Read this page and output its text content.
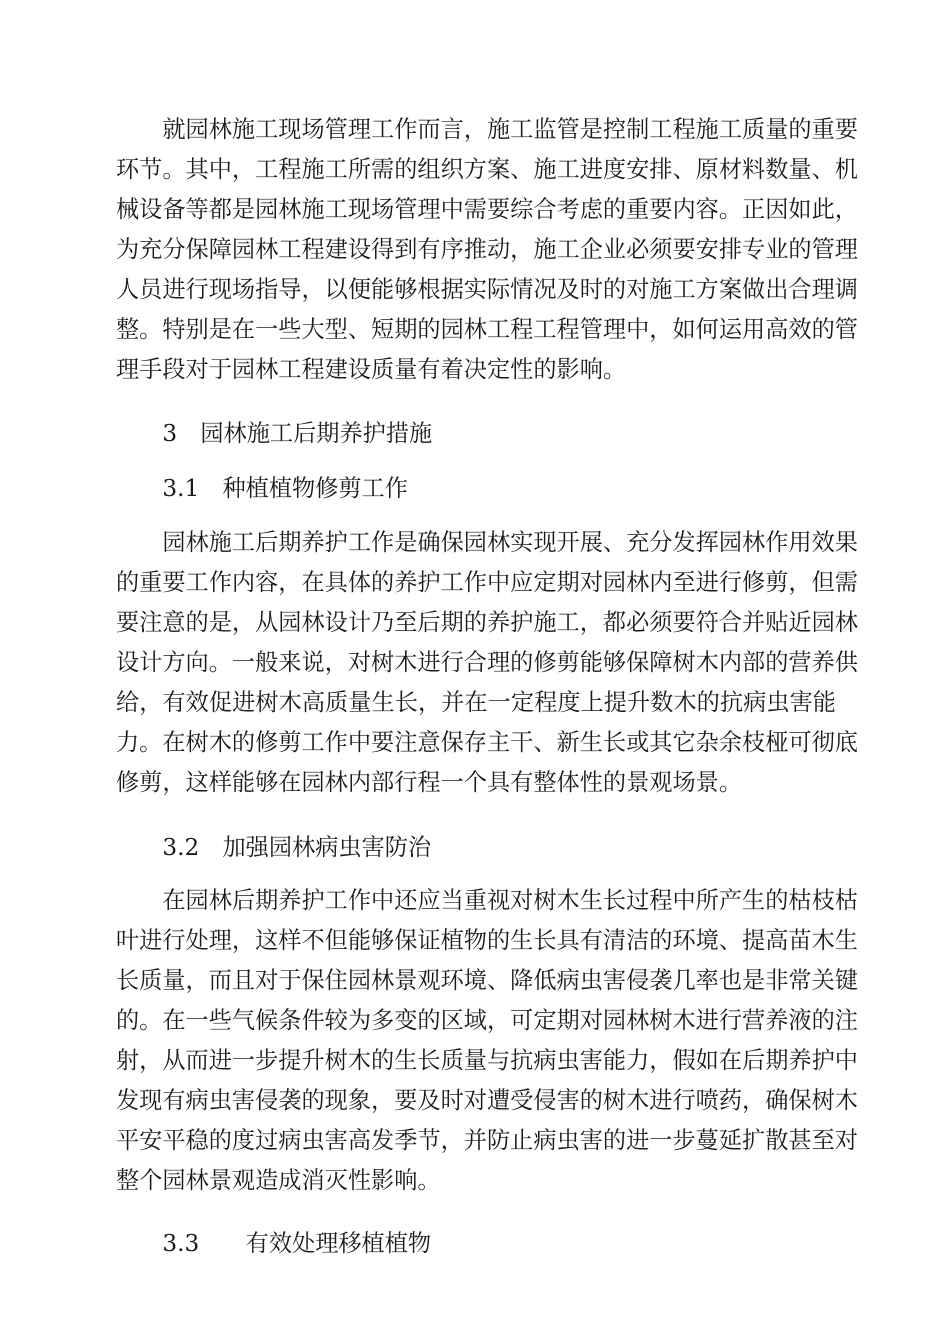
　　就园林施工现场管理工作而言，施工监管是控制工程施工质量的重要
环节。其中，工程施工所需的组织方案、施工进度安排、原材料数量、机
械设备等都是园林施工现场管理中需要综合考虑的重要内容。正因如此，
为充分保障园林工程建设得到有序推动，施工企业必须要安排专业的管理
人员进行现场指导，以便能够根据实际情况及时的对施工方案做出合理调
整。特别是在一些大型、短期的园林工程工程管理中，如何运用高效的管
理手段对于园林工程建设质量有着决定性的影响。
　　3　园林施工后期养护措施
　　3.1　种植植物修剪工作
　　园林施工后期养护工作是确保园林实现开展、充分发挥园林作用效果
的重要工作内容，在具体的养护工作中应定期对园林内至进行修剪，但需
要注意的是，从园林设计乃至后期的养护施工，都必须要符合并贴近园林
设计方向。一般来说，对树木进行合理的修剪能够保障树木内部的营养供
给，有效促进树木高质量生长，并在一定程度上提升数木的抗病虫害能
力。在树木的修剪工作中要注意保存主干、新生长或其它杂余枝桠可彻底
修剪，这样能够在园林内部行程一个具有整体性的景观场景。
　　3.2　加强园林病虫害防治
　　在园林后期养护工作中还应当重视对树木生长过程中所产生的枯枝枯
叶进行处理，这样不但能够保证植物的生长具有清洁的环境、提高苗木生
长质量，而且对于保住园林景观环境、降低病虫害侵袭几率也是非常关键
的。在一些气候条件较为多变的区域，可定期对园林树木进行营养液的注
射，从而进一步提升树木的生长质量与抗病虫害能力，假如在后期养护中
发现有病虫害侵袭的现象，要及时对遭受侵害的树木进行喷药，确保树木
平安平稳的度过病虫害高发季节，并防止病虫害的进一步蔓延扩散甚至对
整个园林景观造成消灭性影响。
　　3.3　　有效处理移植植物
